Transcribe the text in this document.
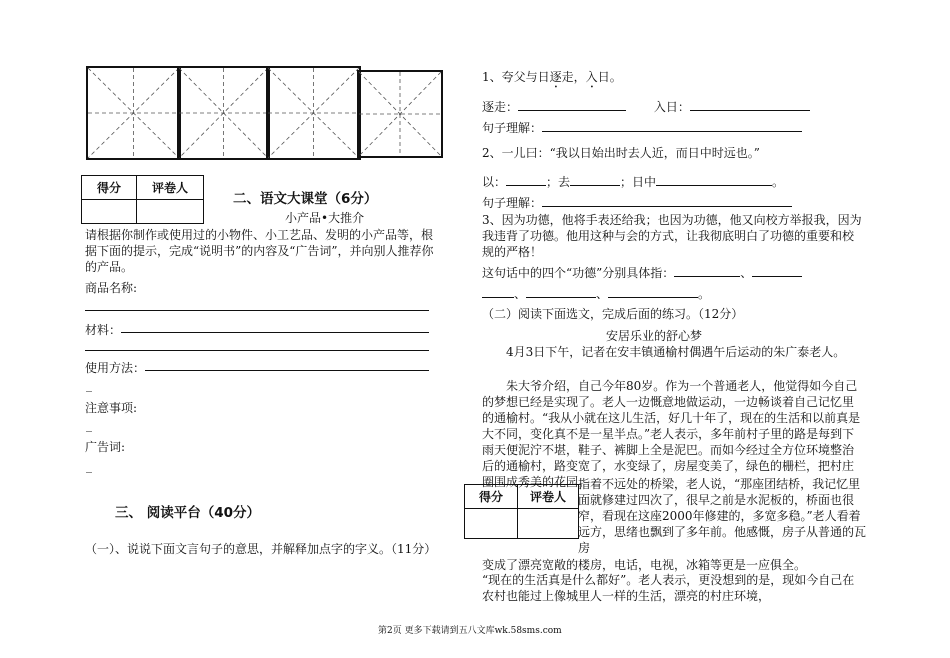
得分	评卷人

二、语文大课堂（6分）
小产品•大推介
请根据你制作或使用过的小物件、小工艺品、发明的小产品等，根据下面的提示，完成“说明书”的内容及“广告词”，并向别人推荐你的产品。
商品名称:
材料：
使用方法：
_
注意事项:
_
广告词:
_
三、 阅读平台（40分）
（一）、说说下面文言句子的意思，并解释加点字的字义。（11分）
1、夸父与日逐走，入日。
逐走：	入日：
句子理解：
2、一儿曰：“我以日始出时去人近，而日中时远也。”
以：	；去	；日中	。
句子理解：
3、因为功德，他将手表还给我；也因为功德，他又向校方举报我，因为我违背了功德。他用这种与会的方式，让我彻底明白了功德的重要和校规的严格！
这句话中的四个“功德”分别具体指：	、
、	、	。
（二）阅读下面选文，完成后面的练习。（12分）
安居乐业的舒心梦
4月3日下午，记者在安丰镇通榆村偶遇午后运动的朱广泰老人。
朱大爷介绍，自己今年80岁。作为一个普通老人，他觉得如今自己的梦想已经是实现了。老人一边慨意地做运动，一边畅谈着自己记忆里的通榆村。“我从小就在这儿生活，好几十年了，现在的生活和以前真是大不同，变化真不是一星半点。”老人表示，多年前村子里的路是每到下雨天便泥泞不堪，鞋子、裤脚上全是泥巴。而如今经过全方位环境整治后的通榆村，路变宽了，水变绿了，房屋变美了，绿色的栅栏，把村庄圈围成秀美的花园。
得分	评卷人

指着不远处的桥梁，老人说，“那座团结桥，我记忆里面就修建过四次了，很早之前是水泥板的，桥面也很窄，看现在这座2000年修建的，多宽多稳。”老人看着远方，思绪也飘到了多年前。他感慨，房子从普通的瓦房
变成了漂亮宽敞的楼房，电话，电视，冰箱等更是一应俱全。
“现在的生活真是什么都好”。老人表示，更没想到的是，现如今自己在农村也能过上像城里人一样的生活，漂亮的村庄环境，
第2页 更多下载请到五八文库wk.58sms.com
